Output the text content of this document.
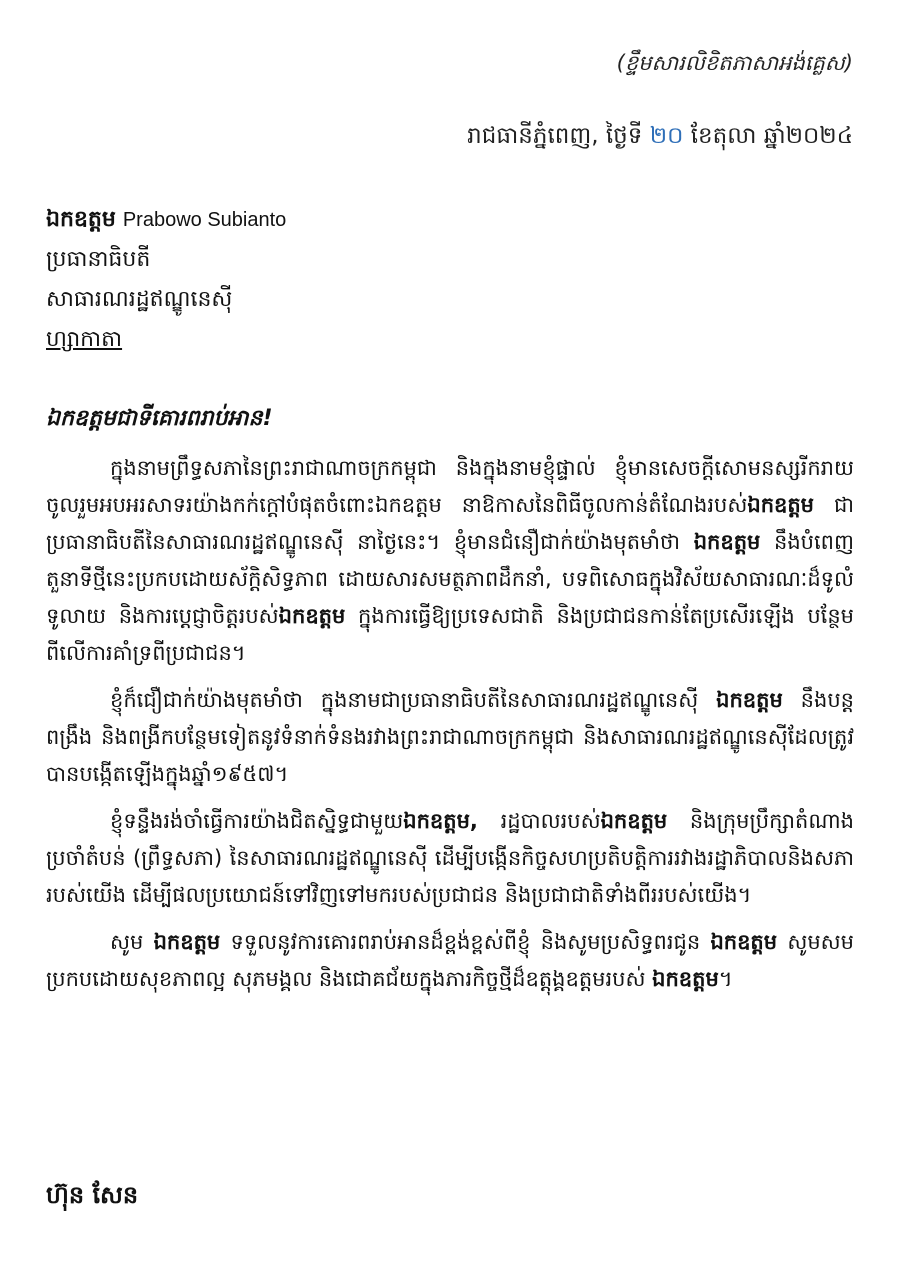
(ខ្ទឹមសារលិខិតភាសាអង់គ្លេស)
រាជធានីភ្នំពេញ, ថ្ងៃទី ២០ ខែតុលា ឆ្នាំ២០២៤
ឯកឧត្តម Prabowo Subianto
ប្រធានាធិបតី
សាធារណរដ្ឋឥណ្ឌូនេស៊ី
ហ្សាកាតា
ឯកឧត្តមជាទីគោរពរាប់អាន!

ក្នុងនាមព្រឹទ្ធសភានៃព្រះរាជាណាចក្រកម្ពុជា និងក្នុងនាមខ្ញុំផ្ទាល់ ខ្ញុំមានសេចក្តីសោមនស្សរីករាយចូលរួមអបអរសាទរយ៉ាងកក់ក្តៅបំផុតចំពោះឯកឧត្តម នាឱកាសនៃពិធីចូលកាន់តំណែងរបស់ឯកឧត្តម ជាប្រធានាធិបតីនៃសាធារណរដ្ឋឥណ្ឌូនេស៊ី នាថ្ងៃនេះ។ ខ្ញុំមានជំនឿជាក់យ៉ាងមុតមាំថា ឯកឧត្តម នឹងបំពេញតួនាទីថ្មីនេះប្រកបដោយស័ក្តិសិទ្ធភាព ដោយសារសមត្ថភាពដឹកនាំ, បទពិសោធក្នុងវិស័យសាធារណៈដ៏ទូលំទូលាយ និងការប្តេជ្ញាចិត្តរបស់ឯកឧត្តម ក្នុងការធ្វើឱ្យប្រទេសជាតិ និងប្រជាជនកាន់តែប្រសើរឡើង បន្ថែមពីលើការគាំទ្រពីប្រជាជន។

ខ្ញុំក៏ជឿជាក់យ៉ាងមុតមាំថា ក្នុងនាមជាប្រធានាធិបតីនៃសាធារណរដ្ឋឥណ្ឌូនេស៊ី ឯកឧត្តម នឹងបន្តពង្រឹង និងពង្រីកបន្ថែមទៀតនូវទំនាក់ទំនងរវាងព្រះរាជាណាចក្រកម្ពុជា និងសាធារណរដ្ឋឥណ្ឌូនេស៊ីដែលត្រូវបានបង្កើតឡើងក្នុងឆ្នាំ១៩៥៧។

ខ្ញុំទន្ទឹងរង់ចាំធ្វើការយ៉ាងជិតស្និទ្ធជាមួយឯកឧត្តម, រដ្ឋបាលរបស់ឯកឧត្តម និងក្រុមប្រឹក្សាតំណាងប្រចាំតំបន់ (ព្រឹទ្ធសភា) នៃសាធារណរដ្ឋឥណ្ឌូនេស៊ី ដើម្បីបង្កើនកិច្ចសហប្រតិបត្តិការរវាងរដ្ឋាភិបាលនិងសភារបស់យើង ដើម្បីផលប្រយោជន៍ទៅវិញទៅមករបស់ប្រជាជន និងប្រជាជាតិទាំងពីររបស់យើង។

សូម ឯកឧត្តម ទទួលនូវការគោរពរាប់អានដ៏ខ្ពង់ខ្ពស់ពីខ្ញុំ និងសូមប្រសិទ្ធពរជូន ឯកឧត្តម សូមសមប្រកបដោយសុខភាពល្អ សុភមង្គល និងជោគជ័យក្នុងភារកិច្ចថ្មីដ៏ឧត្តុង្គឧត្តមរបស់ ឯកឧត្តម។

ហ៊ុន សែន
